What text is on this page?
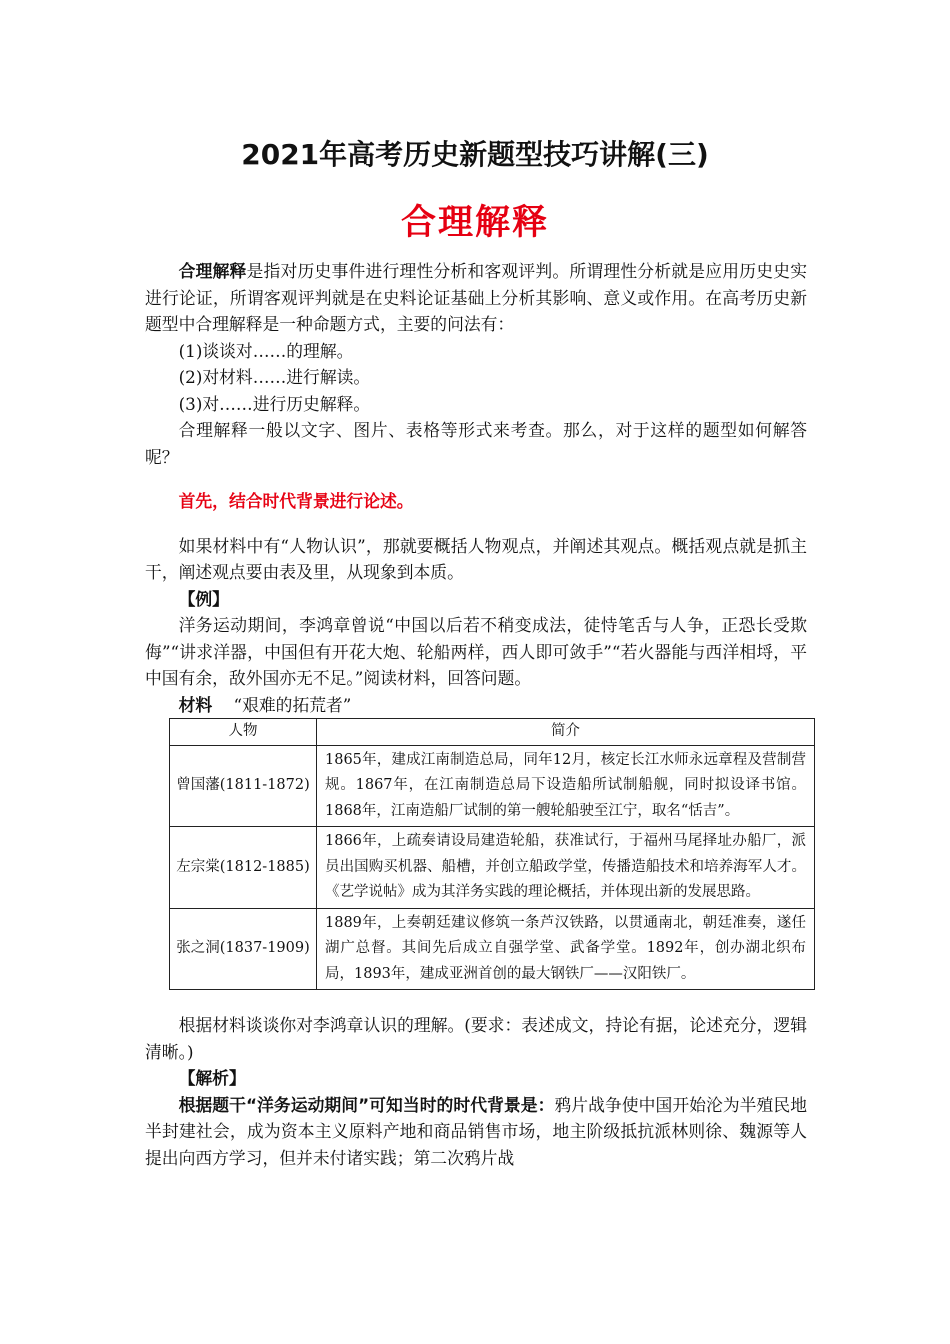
2021年高考历史新题型技巧讲解(三)
合理解释

合理解释是指对历史事件进行理性分析和客观评判。所谓理性分析就是应用历史史实进行论证，所谓客观评判就是在史料论证基础上分析其影响、意义或作用。在高考历史新题型中合理解释是一种命题方式，主要的问法有：

(1)谈谈对……的理解。

(2)对材料……进行解读。

(3)对……进行历史解释。

合理解释一般以文字、图片、表格等形式来考查。那么，对于这样的题型如何解答呢？

首先，结合时代背景进行论述。

如果材料中有“人物认识”，那就要概括人物观点，并阐述其观点。概括观点就是抓主干，阐述观点要由表及里，从现象到本质。

【例】

洋务运动期间，李鸿章曾说“中国以后若不稍变成法，徒恃笔舌与人争，正恐长受欺侮”“讲求洋器，中国但有开花大炮、轮船两样，西人即可敛手”“若火器能与西洋相埒，平中国有余，敌外国亦无不足。”阅读材料，回答问题。

材料 “艰难的拓荒者”

人物	简介
曾国藩(1811-1872)	1865年，建成江南制造总局，同年12月，核定长江水师永远章程及营制营规。1867年，在江南制造总局下设造船所试制船舰，同时拟设译书馆。1868年，江南造船厂试制的第一艘轮船驶至江宁，取名“恬吉”。
左宗棠(1812-1885)	1866年，上疏奏请设局建造轮船，获准试行，于福州马尾择址办船厂，派员出国购买机器、船槽，并创立船政学堂，传播造船技术和培养海军人才。《艺学说帖》成为其洋务实践的理论概括，并体现出新的发展思路。
张之洞(1837-1909)	1889年，上奏朝廷建议修筑一条芦汉铁路，以贯通南北，朝廷准奏，遂任湖广总督。其间先后成立自强学堂、武备学堂。1892年，创办湖北织布局，1893年，建成亚洲首创的最大钢铁厂——汉阳铁厂。

根据材料谈谈你对李鸿章认识的理解。(要求：表述成文，持论有据，论述充分，逻辑清晰。)

【解析】

根据题干“洋务运动期间”可知当时的时代背景是：鸦片战争使中国开始沦为半殖民地半封建社会，成为资本主义原料产地和商品销售市场，地主阶级抵抗派林则徐、魏源等人提出向西方学习，但并未付诸实践；第二次鸦片战
